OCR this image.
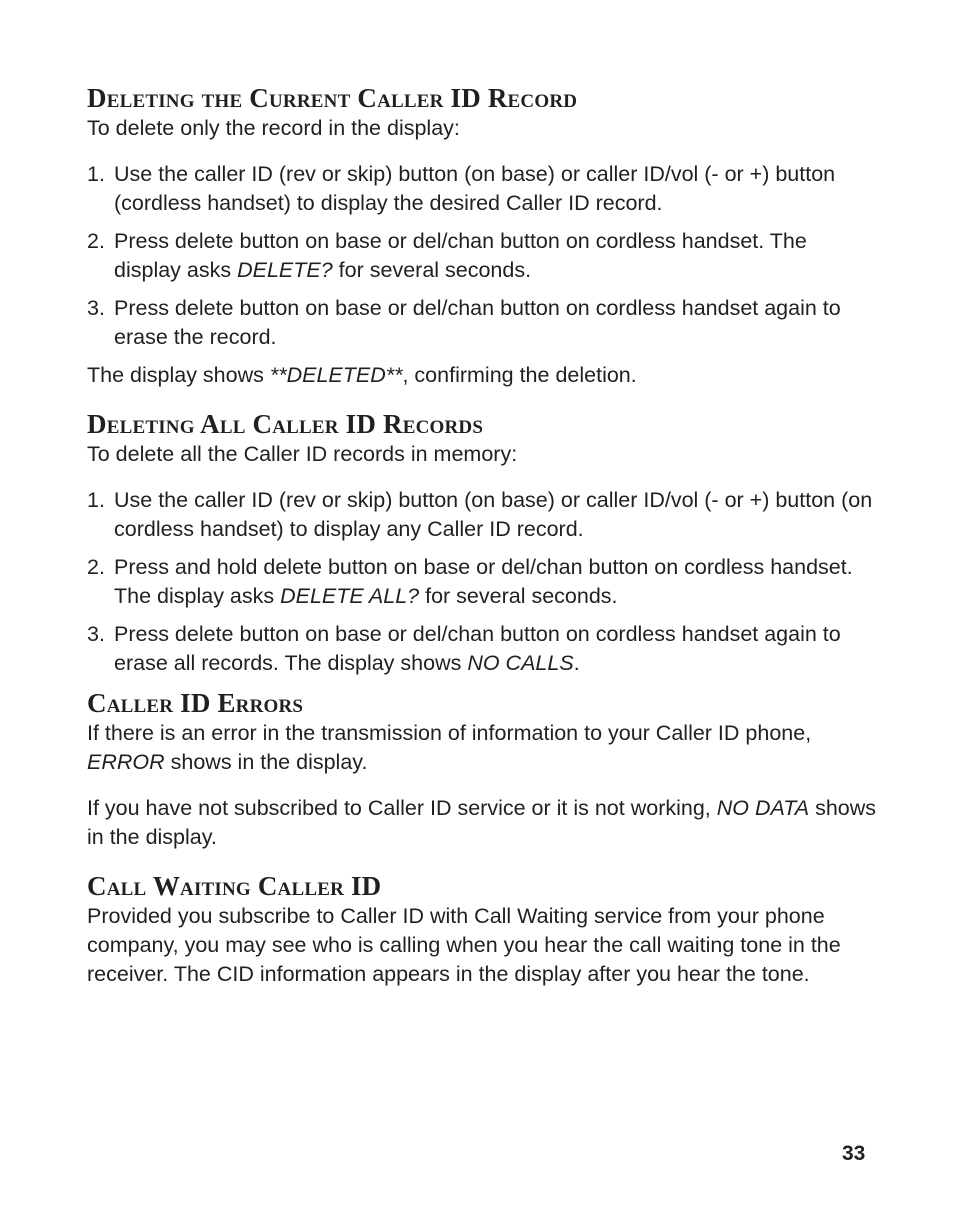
Deleting the Current Caller ID Record

To delete only the record in the display:

1. Use the caller ID (rev or skip) button (on base) or caller ID/vol (- or +) button (cordless handset) to display the desired Caller ID record.
2. Press delete button on base or del/chan button on cordless handset. The display asks DELETE? for several seconds.
3. Press delete button on base or del/chan button on cordless handset again to erase the record.

The display shows **DELETED**, confirming the deletion.

Deleting All Caller ID Records

To delete all the Caller ID records in memory:

1. Use the caller ID (rev or skip) button (on base) or caller ID/vol (- or +) button (on cordless handset) to display any Caller ID record.
2. Press and hold delete button on base or del/chan button on cordless handset. The display asks DELETE ALL? for several seconds.
3. Press delete button on base or del/chan button on cordless handset again to erase all records. The display shows NO CALLS.
Caller ID Errors

If there is an error in the transmission of information to your Caller ID phone, ERROR shows in the display.

If you have not subscribed to Caller ID service or it is not working, NO DATA shows in the display.

Call Waiting Caller ID

Provided you subscribe to Caller ID with Call Waiting service from your phone company, you may see who is calling when you hear the call waiting tone in the receiver. The CID information appears in the display after you hear the tone.

33
